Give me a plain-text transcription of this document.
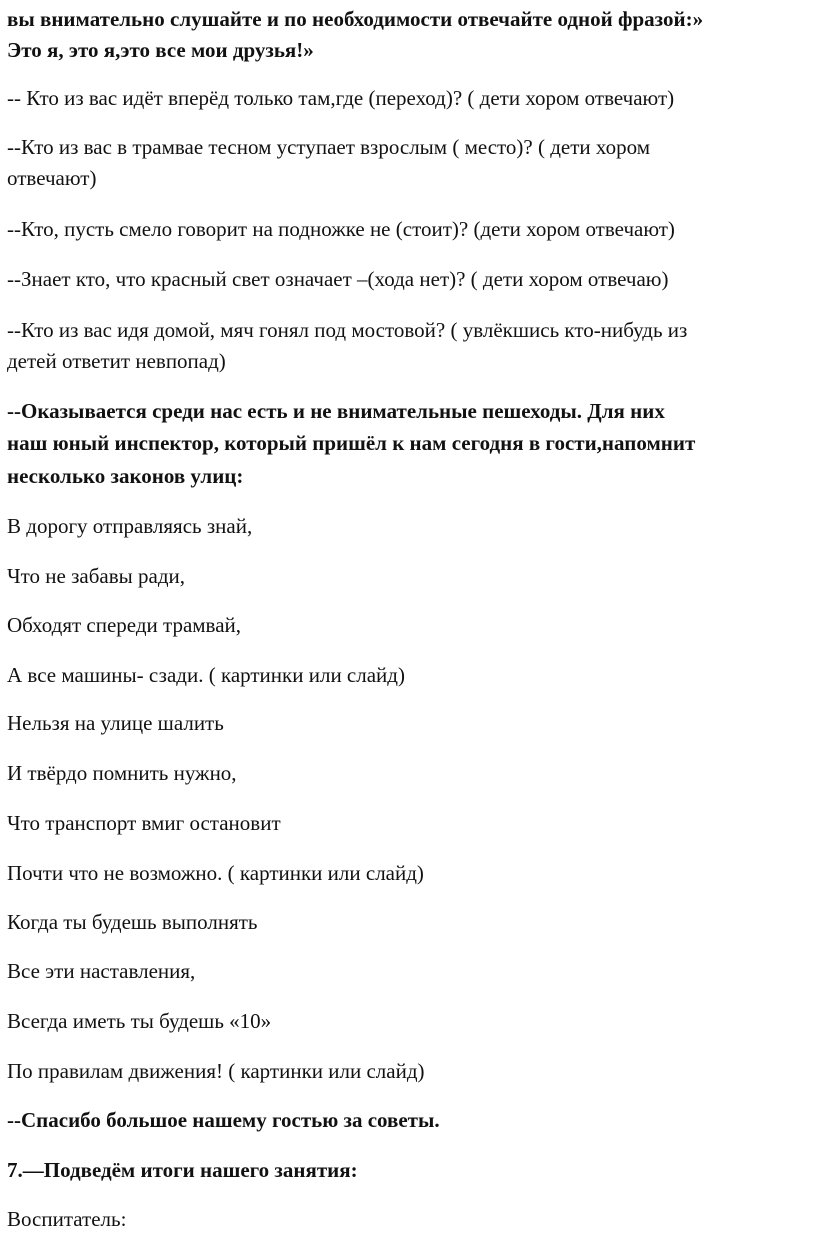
вы внимательно слушайте и по необходимости отвечайте одной фразой:»

Это я, это я,это все мои друзья!»

-- Кто из вас идёт вперёд только там,где (переход)? ( дети хором отвечают)

--Кто из вас в трамвае тесном уступает взрослым ( место)? ( дети хором

отвечают)

--Кто, пусть смело говорит на подножке не (стоит)? (дети хором отвечают)

--Знает кто, что красный свет означает –(хода нет)? ( дети хором отвечаю)

--Кто из вас идя домой, мяч гонял под мостовой? ( увлёкшись кто-нибудь из

детей ответит невпопад)

--Оказывается среди нас есть и не внимательные пешеходы. Для них

наш юный инспектор, который пришёл к нам сегодня в гости,напомнит

несколько законов улиц:

В дорогу отправляясь знай,

Что не забавы ради,

Обходят спереди трамвай,

А все машины- сзади. ( картинки или слайд)

Нельзя на улице шалить

И твёрдо помнить нужно,

Что транспорт вмиг остановит

Почти что не возможно. ( картинки или слайд)

Когда ты будешь выполнять

Все эти наставления,

Всегда иметь ты будешь «10»

По правилам движения! ( картинки или слайд)

--Спасибо большое нашему гостью за советы.

7.—Подведём итоги нашего занятия:

Воспитатель:
